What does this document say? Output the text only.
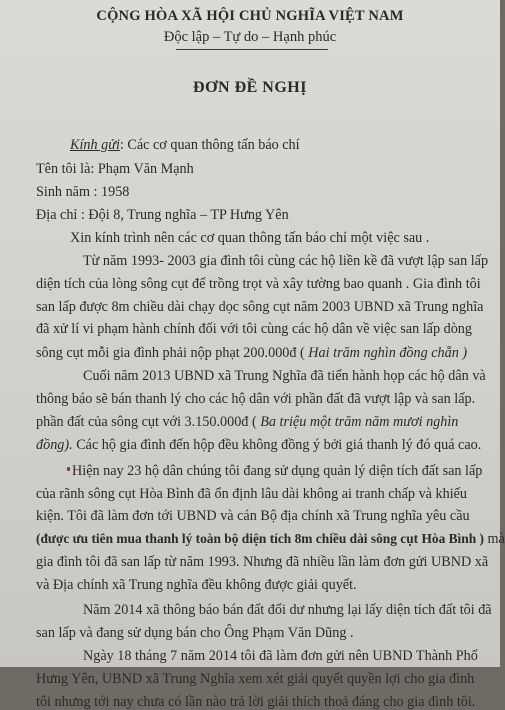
CỘNG HÒA XÃ HỘI CHỦ NGHĨA VIỆT NAM
Độc lập – Tự do – Hạnh phúc
ĐƠN ĐỀ NGHỊ
Kính gửi: Các cơ quan thông tấn báo chí
Tên tôi là: Phạm Văn Mạnh
Sinh năm : 1958
Địa chỉ : Đội 8, Trung nghĩa – TP Hưng Yên
Xin kính trình nên các cơ quan thông tấn báo chí một việc sau .
Từ năm 1993- 2003 gia đình tôi cùng các hộ liền kề đã vượt lập san lấp
diện tích của lòng sông cụt để trồng trọt và xây tường bao quanh . Gia đình tôi
san lấp được 8m chiều dài chạy dọc sông cụt năm 2003 UBND xã Trung nghĩa
đã xử lí vi phạm hành chính đối với tôi cùng các hộ dân về việc san lấp dòng
sông cụt mỗi gia đình phải nộp phạt 200.000đ ( Hai trăm nghìn đồng chẵn )
Cuối năm 2013 UBND xã Trung Nghĩa đã tiến hành họp các hộ dân và
thông báo sẽ bán thanh lý cho các hộ dân với phần đất đã vượt lập và san lấp.
phần đất của sông cụt với 3.150.000đ ( Ba triệu một trăm năm mươi nghìn
đồng). Các hộ gia đình đến hộp đều không đồng ý bởi giá thanh lý đó quá cao.
Hiện nay 23 hộ dân chúng tôi đang sử dụng quản lý diện tích đất san lấp
của rãnh sông cụt Hòa Bình đã ổn định lâu dài không ai tranh chấp và khiếu
kiện. Tôi đã làm đơn tới UBND và cán Bộ địa chính xã Trung nghĩa yêu cầu
(được ưu tiên mua thanh lý toàn bộ diện tích 8m chiều dài sông cụt Hòa Bình ) mà
gia đình tôi đã san lấp từ năm 1993. Nhưng đã nhiều lần làm đơn gửi UBND xã
và Địa chính xã Trung nghĩa đều không được giải quyết.
Năm 2014 xã thông báo bán đất đổi dư nhưng lại lấy diện tích đất tôi đã
san lấp và đang sử dụng bán cho Ông Phạm Văn Dũng .
Ngày 18 tháng 7 năm 2014 tôi đã làm đơn gửi nên UBND Thành Phố
Hưng Yên, UBND xã Trung Nghĩa xem xét giải quyết quyền lợi cho gia đình
tôi nhưng tới nay chưa có lần nào trả lời giải thích thoả đáng cho gia đình tôi.
